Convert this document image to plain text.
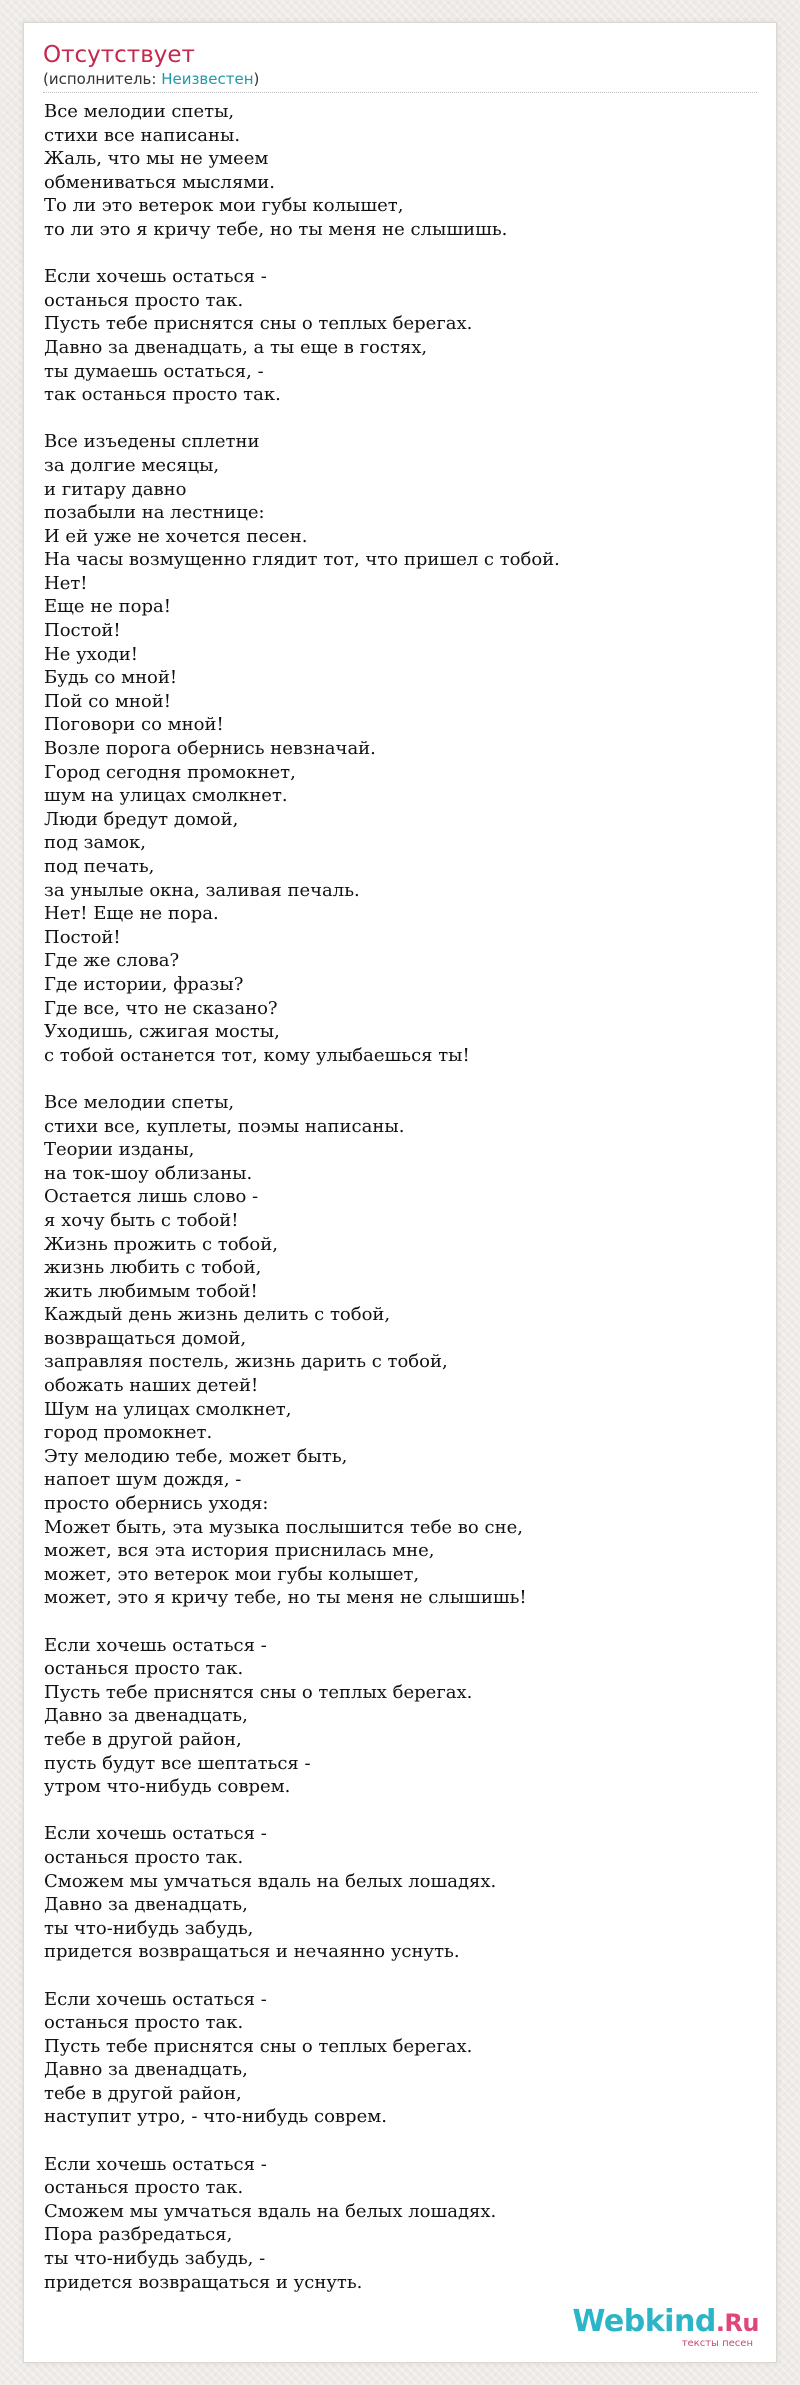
Отсутствует
(исполнитель: Неизвестен)
Все мелодии спеты,
стихи все написаны.
Жаль, что мы не умеем
обмениваться мыслями.
То ли это ветерок мои губы колышет,
то ли это я кричу тебе, но ты меня не слышишь.

Если хочешь остаться -
останься просто так.
Пусть тебе приснятся сны о теплых берегах.
Давно за двенадцать, а ты еще в гостях,
ты думаешь остаться, -
так останься просто так.

Все изъедены сплетни
за долгие месяцы,
и гитару давно
позабыли на лестнице:
И ей уже не хочется песен.
На часы возмущенно глядит тот, что пришел с тобой.
Нет!
Еще не пора!
Постой!
Не уходи!
Будь со мной!
Пой со мной!
Поговори со мной!
Возле порога обернись невзначай.
Город сегодня промокнет,
шум на улицах смолкнет.
Люди бредут домой,
под замок,
под печать,
за унылые окна, заливая печаль.
Нет! Еще не пора.
Постой!
Где же слова?
Где истории, фразы?
Где все, что не сказано?
Уходишь, сжигая мосты,
с тобой останется тот, кому улыбаешься ты!

Все мелодии спеты,
стихи все, куплеты, поэмы написаны.
Теории изданы,
на ток-шоу облизаны.
Остается лишь слово -
я хочу быть с тобой!
Жизнь прожить с тобой,
жизнь любить с тобой,
жить любимым тобой!
Каждый день жизнь делить с тобой,
возвращаться домой,
заправляя постель, жизнь дарить с тобой,
обожать наших детей!
Шум на улицах смолкнет,
город промокнет.
Эту мелодию тебе, может быть,
напоет шум дождя, -
просто обернись уходя:
Может быть, эта музыка послышится тебе во сне,
может, вся эта история приснилась мне,
может, это ветерок мои губы колышет,
может, это я кричу тебе, но ты меня не слышишь!

Если хочешь остаться -
останься просто так.
Пусть тебе приснятся сны о теплых берегах.
Давно за двенадцать,
тебе в другой район,
пусть будут все шептаться -
утром что-нибудь соврем.

Если хочешь остаться -
останься просто так.
Сможем мы умчаться вдаль на белых лошадях.
Давно за двенадцать,
ты что-нибудь забудь,
придется возвращаться и нечаянно уснуть.

Если хочешь остаться -
останься просто так.
Пусть тебе приснятся сны о теплых берегах.
Давно за двенадцать,
тебе в другой район,
наступит утро, - что-нибудь соврем.

Если хочешь остаться -
останься просто так.
Сможем мы умчаться вдаль на белых лошадях.
Пора разбредаться,
ты что-нибудь забудь, -
придется возвращаться и уснуть.
Webkind.Ru
тексты песен
